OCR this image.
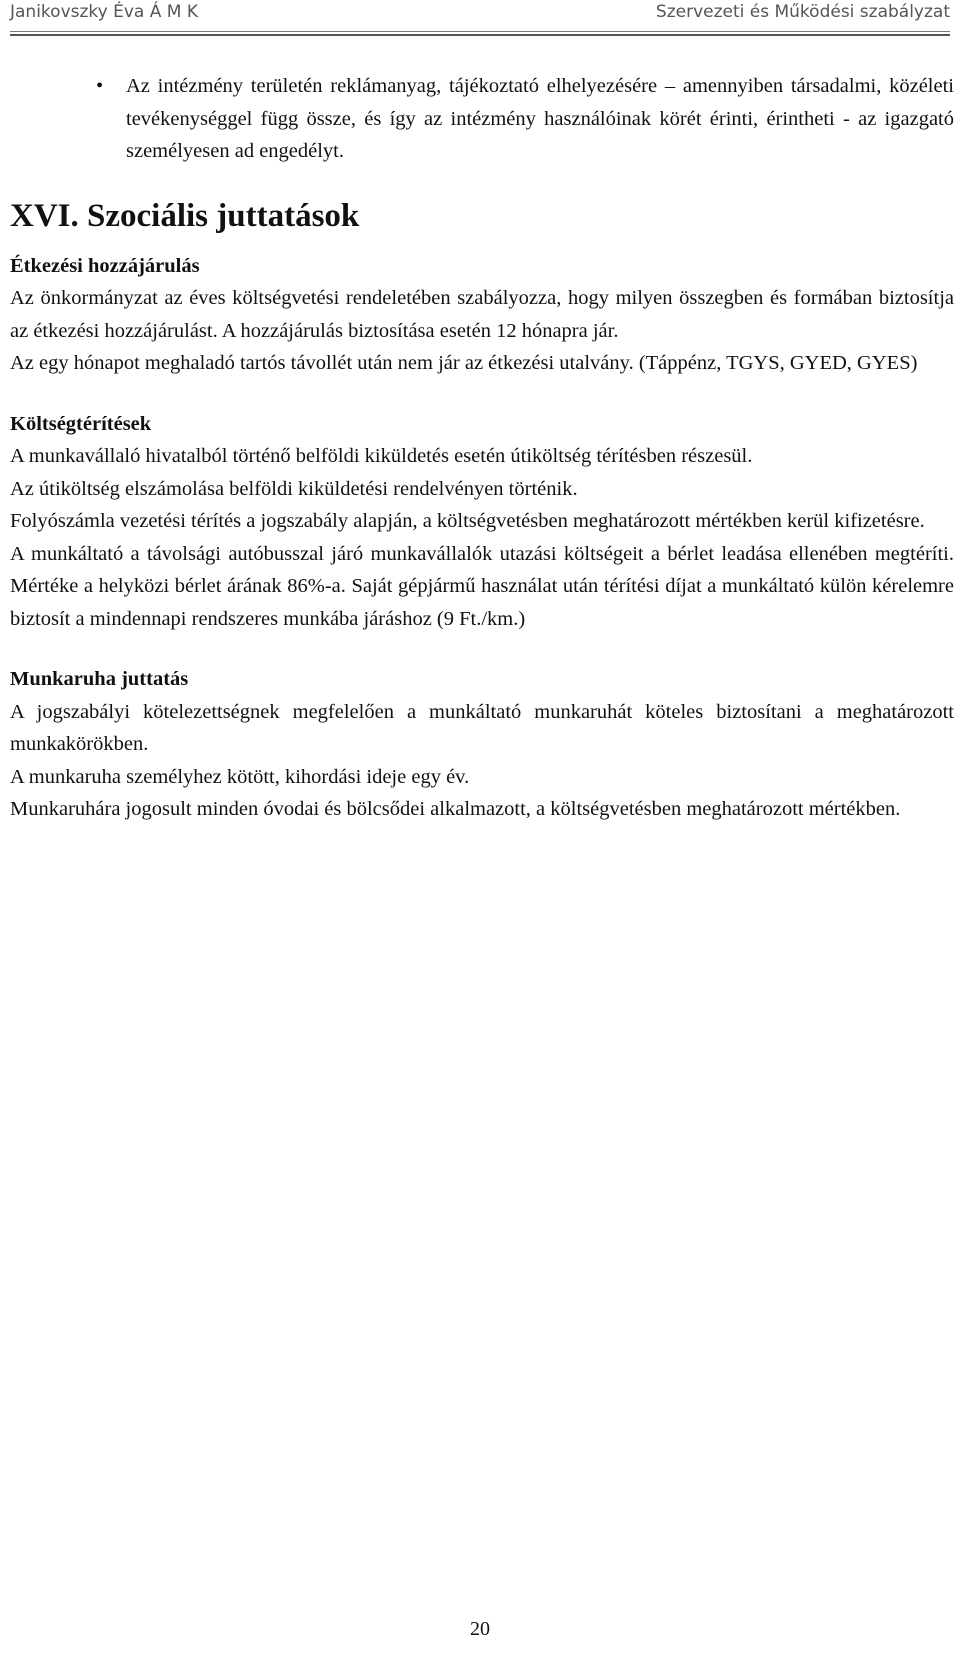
Janikovszky Éva Á M K	Szervezeti és Működési szabályzat
• Az intézmény területén reklámanyag, tájékoztató elhelyezésére – amennyiben társadalmi, közéleti tevékenységgel függ össze, és így az intézmény használóinak körét érinti, érintheti - az igazgató személyesen ad engedélyt.
XVI. Szociális juttatások

Étkezési hozzájárulás

Az önkormányzat az éves költségvetési rendeletében szabályozza, hogy milyen összegben és formában biztosítja az étkezési hozzájárulást. A hozzájárulás biztosítása esetén 12 hónapra jár.

Az egy hónapot meghaladó tartós távollét után nem jár az étkezési utalvány. (Táppénz, TGYS, GYED, GYES)

Költségtérítések

A munkavállaló hivatalból történő belföldi kiküldetés esetén útiköltség térítésben részesül.

Az útiköltség elszámolása belföldi kiküldetési rendelvényen történik.

Folyószámla vezetési térítés a jogszabály alapján, a költségvetésben meghatározott mértékben kerül kifizetésre.

A munkáltató a távolsági autóbusszal járó munkavállalók utazási költségeit a bérlet leadása ellenében megtéríti. Mértéke a helyközi bérlet árának 86%-a. Saját gépjármű használat után térítési díjat a munkáltató külön kérelemre biztosít a mindennapi rendszeres munkába járáshoz (9 Ft./km.)

Munkaruha juttatás

A jogszabályi kötelezettségnek megfelelően a munkáltató munkaruhát köteles biztosítani a meghatározott munkakörökben.

A munkaruha személyhez kötött, kihordási ideje egy év.

Munkaruhára jogosult minden óvodai és bölcsődei alkalmazott, a költségvetésben meghatározott mértékben.

20
